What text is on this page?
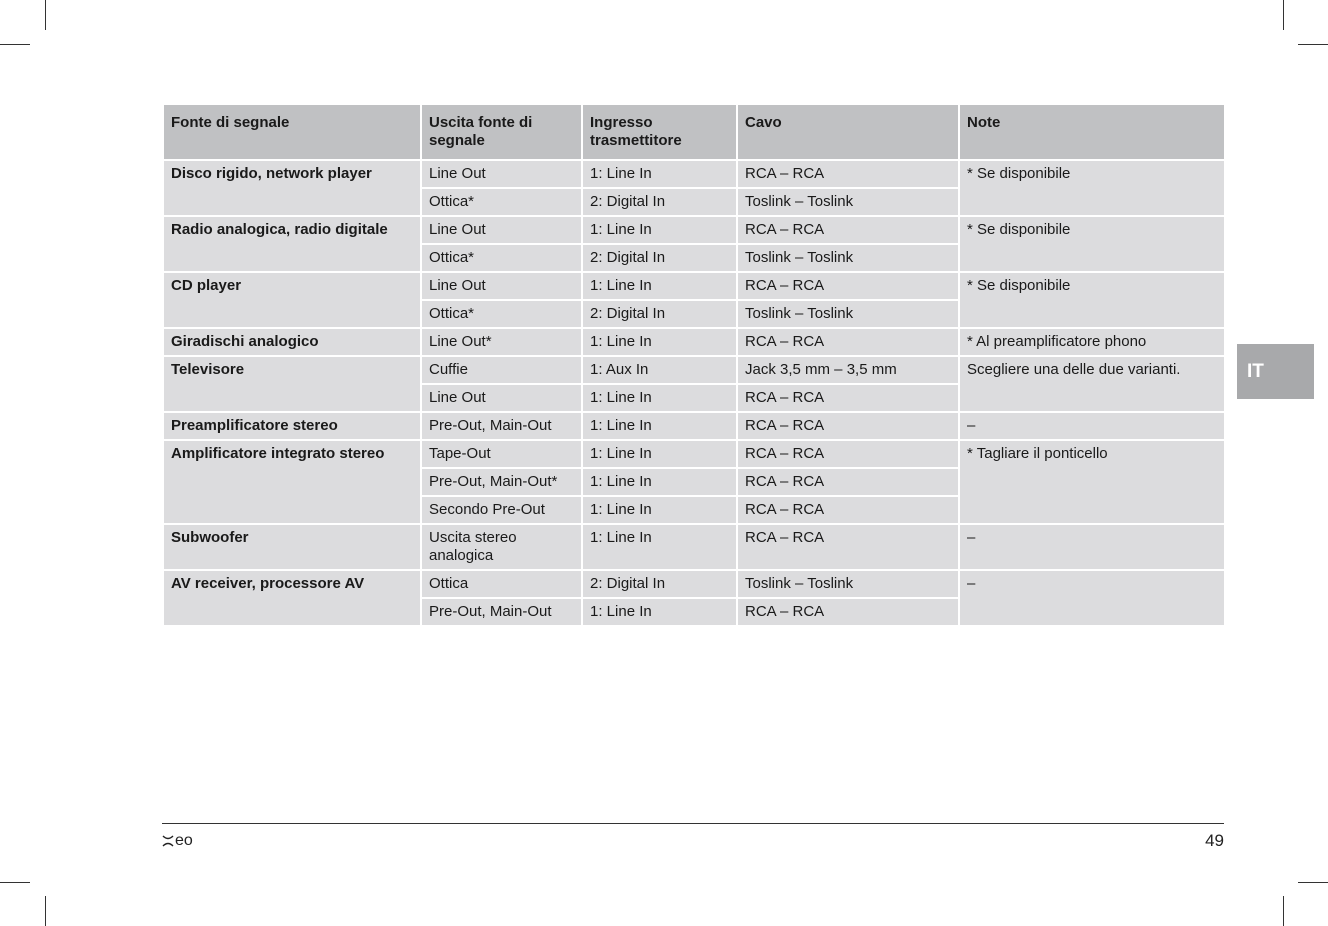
Fonte di segnale	Uscita fonte di segnale	Ingresso trasmettitore	Cavo	Note
Disco rigido, network player	Line Out	1: Line In	RCA – RCA	* Se disponibile
	Ottica*	2: Digital In	Toslink – Toslink	
Radio analogica, radio digitale	Line Out	1: Line In	RCA – RCA	* Se disponibile
	Ottica*	2: Digital In	Toslink – Toslink	
CD player	Line Out	1: Line In	RCA – RCA	* Se disponibile
	Ottica*	2: Digital In	Toslink – Toslink	
Giradischi analogico	Line Out*	1: Line In	RCA – RCA	* Al preamplificatore phono
Televisore	Cuffie	1: Aux In	Jack 3,5 mm – 3,5 mm	Scegliere una delle due varianti.
	Line Out	1: Line In	RCA – RCA	
Preamplificatore stereo	Pre-Out, Main-Out	1: Line In	RCA – RCA	–
Amplificatore integrato stereo	Tape-Out	1: Line In	RCA – RCA	* Tagliare il ponticello
	Pre-Out, Main-Out*	1: Line In	RCA – RCA	
	Secondo Pre-Out	1: Line In	RCA – RCA	
Subwoofer	Uscita stereo analogica	1: Line In	RCA – RCA	–
AV receiver, processore AV	Ottica	2: Digital In	Toslink – Toslink	–
	Pre-Out, Main-Out	1: Line In	RCA – RCA	
IT
eo	49
